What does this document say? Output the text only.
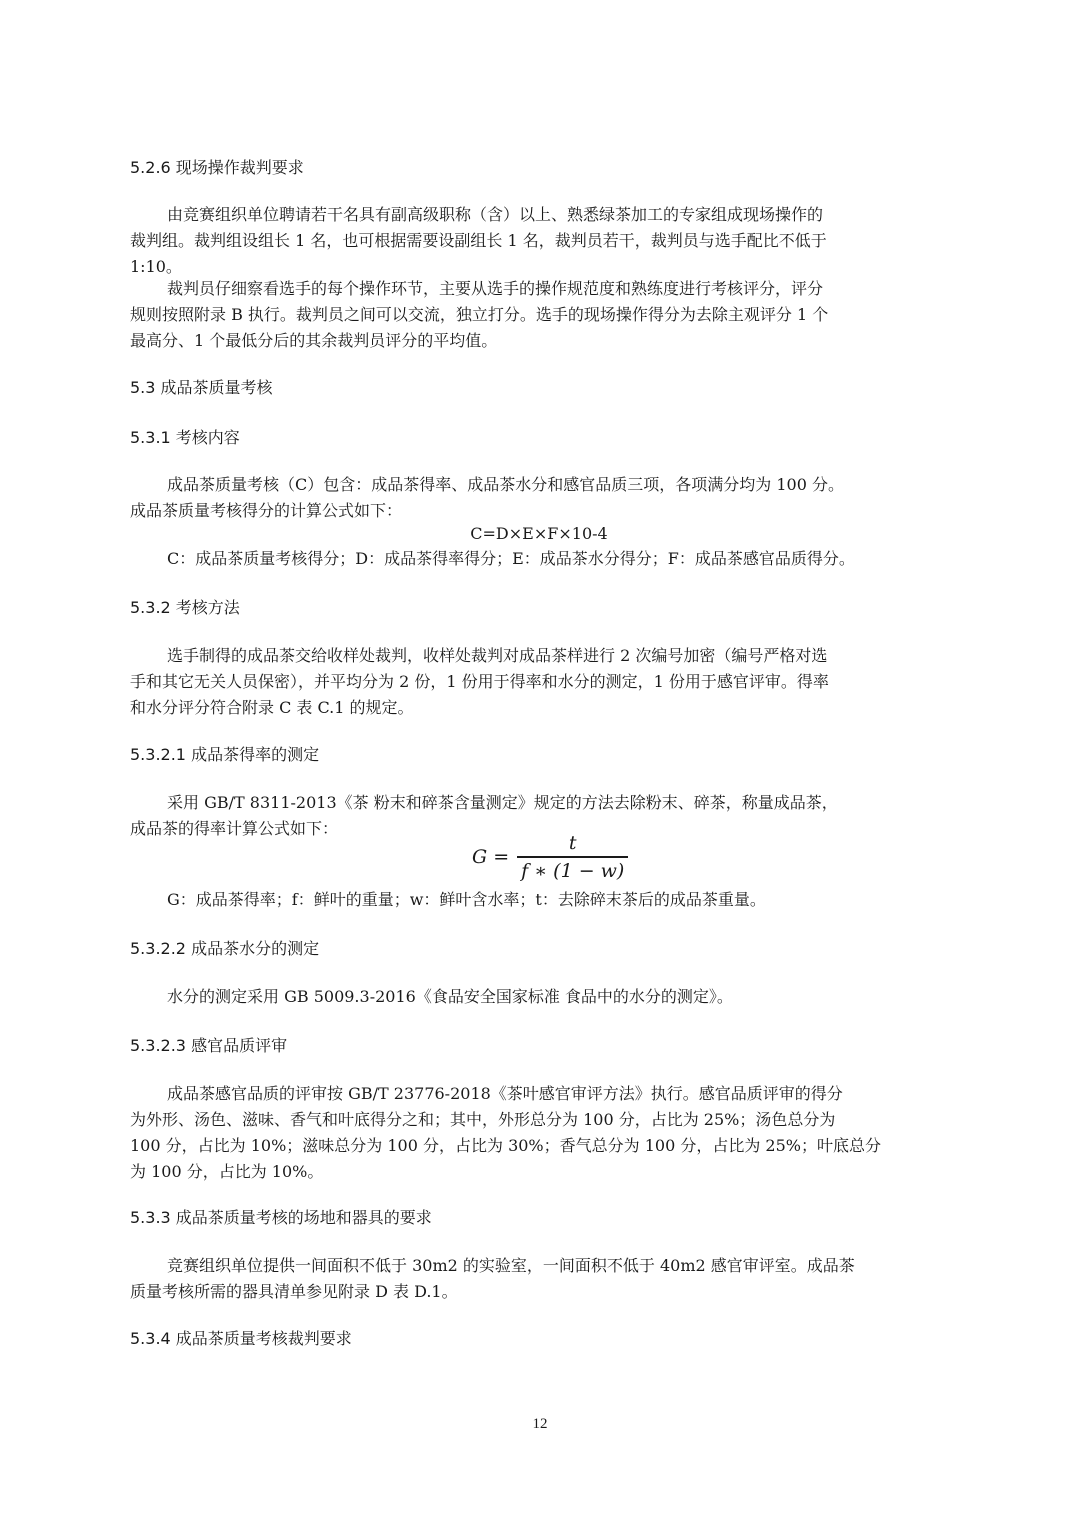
5.2.6 现场操作裁判要求
由竞赛组织单位聘请若干名具有副高级职称（含）以上、熟悉绿茶加工的专家组成现场操作的
裁判组。裁判组设组长 1 名，也可根据需要设副组长 1 名，裁判员若干，裁判员与选手配比不低于
1:10。
裁判员仔细察看选手的每个操作环节，主要从选手的操作规范度和熟练度进行考核评分，评分
规则按照附录 B 执行。裁判员之间可以交流，独立打分。选手的现场操作得分为去除主观评分 1 个
最高分、1 个最低分后的其余裁判员评分的平均值。
5.3 成品茶质量考核
5.3.1 考核内容
成品茶质量考核（C）包含：成品茶得率、成品茶水分和感官品质三项，各项满分均为 100 分。
成品茶质量考核得分的计算公式如下：
C=D×E×F×10-4
C：成品茶质量考核得分；D：成品茶得率得分；E：成品茶水分得分；F：成品茶感官品质得分。
5.3.2 考核方法
选手制得的成品茶交给收样处裁判，收样处裁判对成品茶样进行 2 次编号加密（编号严格对选
手和其它无关人员保密），并平均分为 2 份，1 份用于得率和水分的测定，1 份用于感官评审。得率
和水分评分符合附录 C 表 C.1 的规定。
5.3.2.1 成品茶得率的测定
采用 GB/T 8311-2013《茶 粉末和碎茶含量测定》规定的方法去除粉末、碎茶，称量成品茶，
成品茶的得率计算公式如下：
$G = \frac{t}{f ∗ (1 - w)}$
G：成品茶得率；f：鲜叶的重量；w：鲜叶含水率；t：去除碎末茶后的成品茶重量。
5.3.2.2 成品茶水分的测定
水分的测定采用 GB 5009.3-2016《食品安全国家标准 食品中的水分的测定》。
5.3.2.3 感官品质评审
成品茶感官品质的评审按 GB/T 23776-2018《茶叶感官审评方法》执行。感官品质评审的得分
为外形、汤色、滋味、香气和叶底得分之和；其中，外形总分为 100 分，占比为 25%；汤色总分为
100 分，占比为 10%；滋味总分为 100 分，占比为 30%；香气总分为 100 分，占比为 25%；叶底总分
为 100 分，占比为 10%。
5.3.3 成品茶质量考核的场地和器具的要求
竞赛组织单位提供一间面积不低于 30m2 的实验室，一间面积不低于 40m2 感官审评室。成品茶
质量考核所需的器具清单参见附录 D 表 D.1。
5.3.4 成品茶质量考核裁判要求
12
